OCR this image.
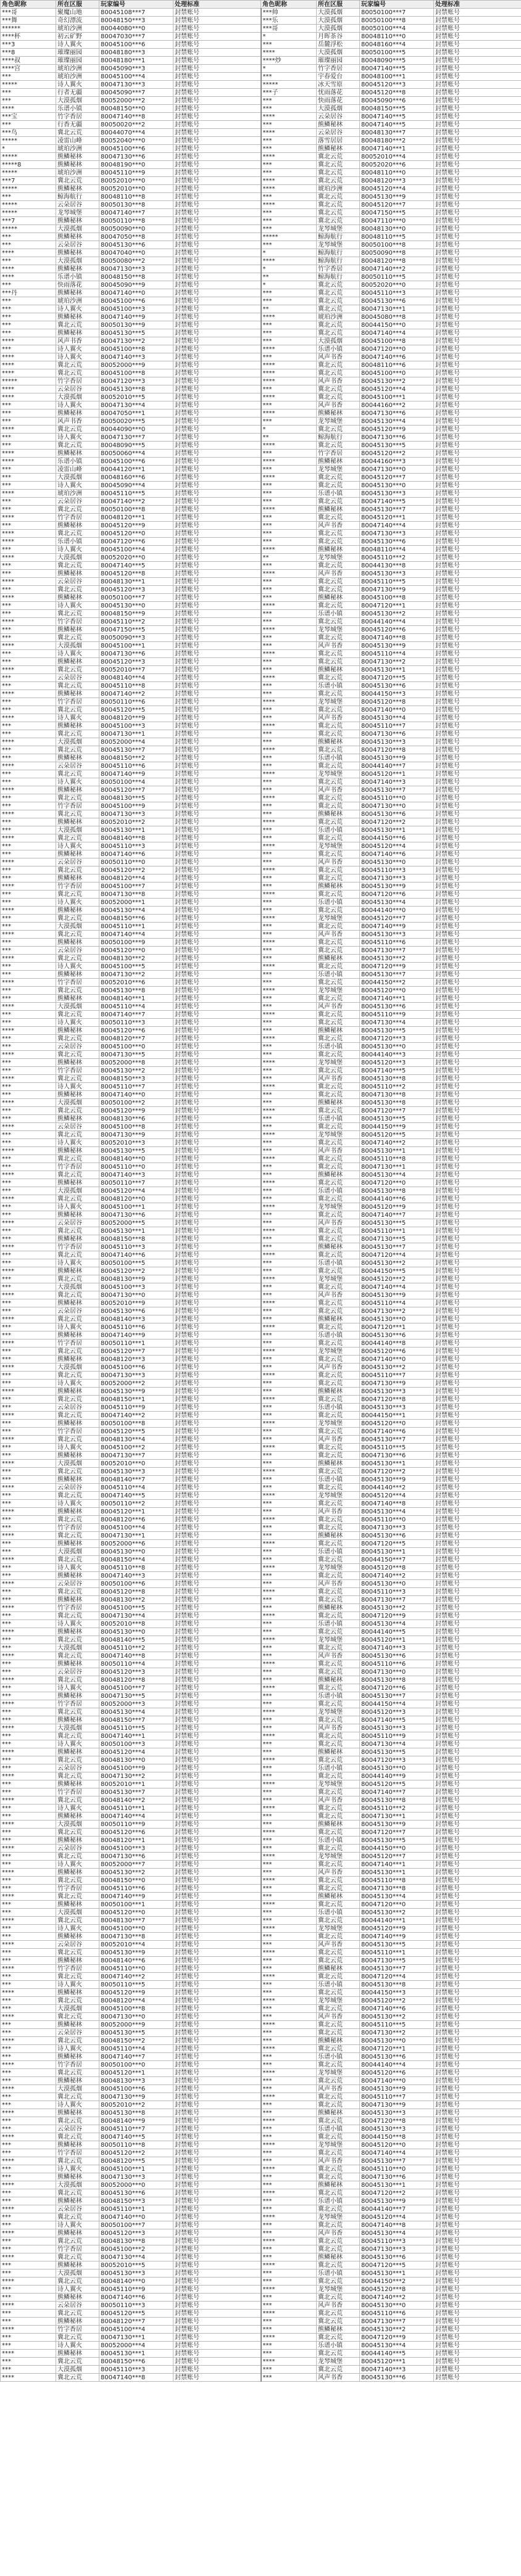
角色昵称	所在区服	玩家编号	处理标准	角色昵称	所在区服	玩家编号	处理标准
***哥	聚魔山地	80045108***7	封禁账号	***帅	大漠孤烟	80050100***7	封禁账号
***舞	奇幻漂流	80048150***3	封禁账号	***乐	大漠孤烟	80050100***8	封禁账号
******	琥珀沙洲	80044080***0	封禁账号	***哥	大漠孤烟	80050100***4	封禁账号
****杯	初云矿野	80047030***7	封禁账号	*	月晖茶谷	80048110***0	封禁账号
***3	诗人翼火	80045100***6	封禁账号	***	岳麓浮松	80048160***4	封禁账号
***8	璀璨丽园	80048180***3	封禁账号	****	大漠孤烟	80050100***5	封禁账号
****叔	璀璨丽园	80048180***1	封禁账号	****炒	璀璨丽园	80048090***5	封禁账号
****宫	琥珀沙洲	80045090***3	封禁账号	*	竹字香居	80047140***5	封禁账号
***	琥珀沙洲	80045100***4	封禁账号	***	宇春爱台	80048100***1	封禁账号
*****	诗人翼火	80047130***3	封禁账号	*****	冰天雪原	80045120***3	封禁账号
***	行者无疆	80045090***7	封禁账号	***子	忧雨落花	80045120***8	封禁账号
***	大漠孤烟	80052000***2	封禁账号	***	快雨落花	80045090***6	封禁账号
****	乐谱小镇	80048150***0	封禁账号	***	大漠孤烟	80048150***5	封禁账号
***宝	竹字香居	80047140***8	封禁账号	****	云朵居谷	80047140***5	封禁账号
***	行香无疆	80050020***2	封禁账号	***	熊鳞秘林	80047140***5	封禁账号
***鸟	冀北云荒	80044070***4	封禁账号	****	云朵居谷	80048130***7	封禁账号
*****	凌雷山峰	80052040***0	封禁账号	***	落雪居居	80048180***2	封禁账号
*	琥珀沙洲	80045100***6	封禁账号	***	熊鳞秘林	80047140***1	封禁账号
*****	熊鳞秘林	80047130***6	封禁账号	****	冀北云荒	80052010***4	封禁账号
*****8	熊鳞秘林	80048190***0	封禁账号	***	冀北云荒	80052020***6	封禁账号
*****	琥珀沙洲	80045110***9	封禁账号	***	冀北云荒	80048110***0	封禁账号
***7	冀北云荒	80052010***0	封禁账号	****	冀北云荒	80048120***3	封禁账号
*****	熊鳞秘林	80052010***0	封禁账号	****	琥珀沙洲	80045120***4	封禁账号
***	鲸海航行	80048110***8	封禁账号	***	冀北云荒	80045130***9	封禁账号
*****	云朵居谷	80050130***8	封禁账号	****	冀北云荒	80045120***7	封禁账号
*****	龙琴城堡	80047140***7	封禁账号	***	冀北云荒	80047150***5	封禁账号
***7	熊鳞秘林	80050110***8	封禁账号	***	冀北云荒	80047110***0	封禁账号
*****	大漠孤烟	80050090***0	封禁账号	***	龙琴城堡	80048130***0	封禁账号
***	熊鳞秘林	80047050***8	封禁账号	*****	鲸海航行	80048110***5	封禁账号
***	云朵居谷	80045130***6	封禁账号	***	龙琴城堡	80050100***8	封禁账号
****	熊鳞秘林	80047040***0	封禁账号	*	鲸海航行	80050090***8	封禁账号
***	大漠孤烟	80050080***2	封禁账号	****	鲸海航行	80048120***8	封禁账号
****	熊鳞秘林	80047130***3	封禁账号	*	竹字香居	80047140***2	封禁账号
****	乐谱小镇	80048150***8	封禁账号	**	鲸海航行	80050110***5	封禁账号
***	快雨落花	80045090***9	封禁账号	*	冀北云荒	80052020***0	封禁账号
***丹	熊鳞秘林	80047140***0	封禁账号	***	冀北云荒	80045110***3	封禁账号
***	琥珀沙洲	80045100***6	封禁账号	***	冀北云荒	80045130***6	封禁账号
***	诗人翼火	80045100***3	封禁账号	**	冀北云荒	80047130***1	封禁账号
***	熊鳞秘林	80047140***9	封禁账号	****	琥珀沙洲	80045080***8	封禁账号
***	冀北云荒	80050130***9	封禁账号	***	冀北云荒	80044150***0	封禁账号
***	熊鳞秘林	80045130***5	封禁账号	***	冀北云荒	80047140***4	封禁账号
****	风声书香	80047130***2	封禁账号	***	大漠孤烟	80045100***8	封禁账号
***	诗人翼火	80045100***8	封禁账号	****	乐谱小镇	80047120***0	封禁账号
****	诗人翼火	80047140***3	封禁账号	***	风声书香	80047140***6	封禁账号
****	冀北云荒	80052000***9	封禁账号	****	冀北云荒	80048110***6	封禁账号
****	冀北云荒	80045100***8	封禁账号	****	冀北云荒	80045100***0	封禁账号
*****	竹字香居	80047120***3	封禁账号	****	风声书香	80045130***2	封禁账号
****	云朵居谷	80045130***8	封禁账号	***	冀北云荒	80045120***4	封禁账号
****	大漠孤烟	80052010***5	封禁账号	****	冀北云荒	80045100***1	封禁账号
***	诗人翼火	80047130***4	封禁账号	***	风声书香	80044160***2	封禁账号
***	熊鳞秘林	80047050***1	封禁账号	****	熊鳞秘林	80047130***6	封禁账号
***	风声书香	80050020***5	封禁账号	***	龙琴城堡	80045130***4	封禁账号
****	冀北云荒	80044090***0	封禁账号	*	冀北云荒	80045120***9	封禁账号
***	诗人翼火	80047130***7	封禁账号	**	鲸海航行	80047130***6	封禁账号
***	冀北云荒	80048090***5	封禁账号	****	冀北云荒	80045130***5	封禁账号
****	熊鳞秘林	80050060***4	封禁账号	***	竹字香居	80045120***2	封禁账号
****	乐谱小镇	80045100***6	封禁账号	****	熊鳞秘林	80044160***3	封禁账号
***	凌雷山峰	80044120***1	封禁账号	***	龙琴城堡	80047130***0	封禁账号
***	大漠孤烟	80048160***6	封禁账号	****	冀北云荒	80045120***7	封禁账号
***	诗人翼火	80045090***4	封禁账号	***	冀北云荒	80045130***0	封禁账号
****	琥珀沙洲	80045110***5	封禁账号	***	乐谱小镇	80045130***3	封禁账号
***	云朵居谷	80047140***2	封禁账号	***	冀北云荒	80047140***5	封禁账号
***	冀北云荒	80050100***8	封禁账号	****	熊鳞秘林	80045130***7	封禁账号
****	竹字香居	80048120***1	封禁账号	***	冀北云荒	80045120***1	封禁账号
***	熊鳞秘林	80045120***9	封禁账号	***	风声书香	80047140***4	封禁账号
****	冀北云荒	80045120***0	封禁账号	***	冀北云荒	80047130***3	封禁账号
****	乐谱小镇	80047120***6	封禁账号	***	冀北云荒	80045130***6	封禁账号
***	诗人翼火	80045100***4	封禁账号	****	熊鳞秘林	80048110***4	封禁账号
****	大漠孤烟	80052020***0	封禁账号	**	龙琴城堡	80045110***2	封禁账号
***	冀北云荒	80047140***5	封禁账号	***	冀北云荒	80044130***8	封禁账号
***	熊鳞秘林	80045120***8	封禁账号	****	风声书香	80045130***3	封禁账号
****	云朵居谷	80048130***1	封禁账号	***	冀北云荒	80045110***5	封禁账号
***	冀北云荒	80045120***3	封禁账号	***	冀北云荒	80047130***9	封禁账号
****	熊鳞秘林	80050100***7	封禁账号	***	熊鳞秘林	80045100***8	封禁账号
***	诗人翼火	80045130***0	封禁账号	****	冀北云荒	80047120***1	封禁账号
***	冀北云荒	80048150***9	封禁账号	***	乐谱小镇	80045130***2	封禁账号
****	竹字香居	80045110***2	封禁账号	***	冀北云荒	80044140***4	封禁账号
***	熊鳞秘林	80047150***5	封禁账号	****	龙琴城堡	80045120***6	封禁账号
***	冀北云荒	80050090***3	封禁账号	***	冀北云荒	80047140***8	封禁账号
****	大漠孤烟	80045100***1	封禁账号	***	风声书香	80045130***9	封禁账号
***	诗人翼火	80047130***6	封禁账号	****	冀北云荒	80045110***4	封禁账号
***	熊鳞秘林	80045120***3	封禁账号	***	冀北云荒	80047130***2	封禁账号
****	冀北云荒	80052010***7	封禁账号	***	熊鳞秘林	80045130***1	封禁账号
***	云朵居谷	80048140***4	封禁账号	****	冀北云荒	80047120***5	封禁账号
***	冀北云荒	80045110***8	封禁账号	***	乐谱小镇	80045130***6	封禁账号
****	熊鳞秘林	80047140***2	封禁账号	***	冀北云荒	80044150***3	封禁账号
***	竹字香居	80050110***6	封禁账号	****	龙琴城堡	80045120***8	封禁账号
***	冀北云荒	80045120***5	封禁账号	***	冀北云荒	80047140***0	封禁账号
****	诗人翼火	80048120***9	封禁账号	***	风声书香	80045130***4	封禁账号
***	熊鳞秘林	80045100***3	封禁账号	****	冀北云荒	80045110***7	封禁账号
***	冀北云荒	80047130***1	封禁账号	***	冀北云荒	80047130***6	封禁账号
****	大漠孤烟	80052000***4	封禁账号	***	熊鳞秘林	80045130***3	封禁账号
***	冀北云荒	80045130***7	封禁账号	****	冀北云荒	80047120***8	封禁账号
***	熊鳞秘林	80048150***2	封禁账号	***	乐谱小镇	80045130***9	封禁账号
****	云朵居谷	80045110***6	封禁账号	***	冀北云荒	80044140***7	封禁账号
***	冀北云荒	80047140***9	封禁账号	****	龙琴城堡	80045120***1	封禁账号
***	诗人翼火	80050100***4	封禁账号	***	冀北云荒	80047140***3	封禁账号
****	熊鳞秘林	80045120***7	封禁账号	***	风声书香	80045130***7	封禁账号
***	冀北云荒	80048130***5	封禁账号	****	冀北云荒	80045110***0	封禁账号
***	竹字香居	80045100***9	封禁账号	***	冀北云荒	80047130***0	封禁账号
****	冀北云荒	80047130***3	封禁账号	***	熊鳞秘林	80045130***6	封禁账号
***	熊鳞秘林	80052010***2	封禁账号	****	冀北云荒	80047120***2	封禁账号
***	大漠孤烟	80045130***1	封禁账号	***	乐谱小镇	80045130***1	封禁账号
****	冀北云荒	80048140***8	封禁账号	***	冀北云荒	80044150***6	封禁账号
***	诗人翼火	80045110***3	封禁账号	****	龙琴城堡	80045120***4	封禁账号
***	熊鳞秘林	80047140***6	封禁账号	***	冀北云荒	80047140***6	封禁账号
****	云朵居谷	80050110***0	封禁账号	***	风声书香	80045130***0	封禁账号
***	冀北云荒	80045120***2	封禁账号	****	冀北云荒	80045110***3	封禁账号
***	熊鳞秘林	80048120***4	封禁账号	***	冀北云荒	80047130***3	封禁账号
****	竹字香居	80045100***7	封禁账号	***	熊鳞秘林	80045130***9	封禁账号
***	冀北云荒	80047130***8	封禁账号	****	冀北云荒	80047120***6	封禁账号
***	诗人翼火	80052000***1	封禁账号	***	乐谱小镇	80045130***4	封禁账号
****	熊鳞秘林	80045130***4	封禁账号	***	冀北云荒	80044140***0	封禁账号
***	冀北云荒	80048150***6	封禁账号	****	龙琴城堡	80045120***7	封禁账号
***	大漠孤烟	80045110***1	封禁账号	***	冀北云荒	80047140***9	封禁账号
****	冀北云荒	80047140***4	封禁账号	***	风声书香	80045130***3	封禁账号
***	熊鳞秘林	80050100***9	封禁账号	****	冀北云荒	80045110***6	封禁账号
***	云朵居谷	80045120***0	封禁账号	***	冀北云荒	80047130***7	封禁账号
****	冀北云荒	80048130***2	封禁账号	***	熊鳞秘林	80045130***2	封禁账号
***	诗人翼火	80045100***5	封禁账号	****	冀北云荒	80047120***9	封禁账号
***	熊鳞秘林	80047130***2	封禁账号	***	乐谱小镇	80045130***7	封禁账号
****	竹字香居	80052010***6	封禁账号	***	冀北云荒	80044150***2	封禁账号
***	冀北云荒	80045130***8	封禁账号	****	龙琴城堡	80045120***0	封禁账号
***	熊鳞秘林	80048140***1	封禁账号	***	冀北云荒	80047140***1	封禁账号
****	大漠孤烟	80045110***4	封禁账号	***	风声书香	80045130***6	封禁账号
***	冀北云荒	80047140***7	封禁账号	****	冀北云荒	80045110***9	封禁账号
***	诗人翼火	80050110***3	封禁账号	***	冀北云荒	80047130***4	封禁账号
****	熊鳞秘林	80045120***6	封禁账号	***	熊鳞秘林	80045130***5	封禁账号
***	冀北云荒	80048120***7	封禁账号	****	冀北云荒	80047120***3	封禁账号
***	云朵居谷	80045100***0	封禁账号	***	乐谱小镇	80045130***0	封禁账号
****	冀北云荒	80047130***5	封禁账号	***	冀北云荒	80044140***3	封禁账号
***	熊鳞秘林	80052000***8	封禁账号	****	龙琴城堡	80045120***3	封禁账号
***	竹字香居	80045130***2	封禁账号	***	冀北云荒	80047140***5	封禁账号
****	冀北云荒	80048150***3	封禁账号	***	风声书香	80045130***8	封禁账号
***	诗人翼火	80045110***7	封禁账号	****	冀北云荒	80045110***2	封禁账号
***	熊鳞秘林	80047140***0	封禁账号	***	冀北云荒	80047130***8	封禁账号
****	大漠孤烟	80050100***2	封禁账号	***	熊鳞秘林	80045130***8	封禁账号
***	冀北云荒	80045120***9	封禁账号	****	冀北云荒	80047120***7	封禁账号
***	熊鳞秘林	80048130***6	封禁账号	***	乐谱小镇	80045130***5	封禁账号
****	云朵居谷	80045100***8	封禁账号	***	冀北云荒	80044150***9	封禁账号
***	冀北云荒	80047130***9	封禁账号	****	龙琴城堡	80045120***5	封禁账号
***	诗人翼火	80052010***3	封禁账号	***	冀北云荒	80047140***2	封禁账号
****	熊鳞秘林	80045130***5	封禁账号	***	风声书香	80045130***1	封禁账号
***	冀北云荒	80048140***0	封禁账号	****	冀北云荒	80045110***8	封禁账号
***	竹字香居	80045110***0	封禁账号	***	冀北云荒	80047130***1	封禁账号
****	冀北云荒	80047140***3	封禁账号	***	熊鳞秘林	80045130***4	封禁账号
***	熊鳞秘林	80050110***7	封禁账号	****	冀北云荒	80047120***0	封禁账号
***	大漠孤烟	80045120***4	封禁账号	***	乐谱小镇	80045130***8	封禁账号
****	冀北云荒	80048120***0	封禁账号	***	冀北云荒	80044140***6	封禁账号
***	诗人翼火	80045100***1	封禁账号	****	龙琴城堡	80045120***9	封禁账号
***	熊鳞秘林	80047130***6	封禁账号	***	冀北云荒	80047140***7	封禁账号
****	云朵居谷	80052000***5	封禁账号	***	风声书香	80045130***5	封禁账号
***	冀北云荒	80045130***1	封禁账号	****	冀北云荒	80045110***1	封禁账号
***	熊鳞秘林	80048150***8	封禁账号	***	冀北云荒	80047130***5	封禁账号
****	竹字香居	80045110***3	封禁账号	***	熊鳞秘林	80045130***7	封禁账号
***	冀北云荒	80047140***6	封禁账号	****	冀北云荒	80047120***4	封禁账号
***	诗人翼火	80050100***5	封禁账号	***	乐谱小镇	80045130***2	封禁账号
****	熊鳞秘林	80045120***2	封禁账号	***	冀北云荒	80044150***5	封禁账号
***	冀北云荒	80048130***9	封禁账号	****	龙琴城堡	80045120***2	封禁账号
***	大漠孤烟	80045100***3	封禁账号	***	冀北云荒	80047140***4	封禁账号
****	冀北云荒	80047130***0	封禁账号	***	风声书香	80045130***9	封禁账号
***	熊鳞秘林	80052010***9	封禁账号	****	冀北云荒	80045110***4	封禁账号
***	云朵居谷	80045130***6	封禁账号	***	冀北云荒	80047130***2	封禁账号
****	冀北云荒	80048140***3	封禁账号	***	熊鳞秘林	80045130***0	封禁账号
***	诗人翼火	80045110***6	封禁账号	****	冀北云荒	80047120***1	封禁账号
***	熊鳞秘林	80047140***9	封禁账号	***	乐谱小镇	80045130***6	封禁账号
****	竹字香居	80050110***1	封禁账号	***	冀北云荒	80044140***8	封禁账号
***	冀北云荒	80045120***7	封禁账号	****	龙琴城堡	80045120***6	封禁账号
***	熊鳞秘林	80048120***3	封禁账号	***	冀北云荒	80047140***0	封禁账号
****	大漠孤烟	80045100***6	封禁账号	***	风声书香	80045130***2	封禁账号
***	冀北云荒	80047130***3	封禁账号	****	冀北云荒	80045110***7	封禁账号
***	诗人翼火	80052000***2	封禁账号	***	冀北云荒	80047130***9	封禁账号
****	熊鳞秘林	80045130***9	封禁账号	***	熊鳞秘林	80045130***3	封禁账号
***	冀北云荒	80048150***1	封禁账号	****	冀北云荒	80047120***8	封禁账号
***	云朵居谷	80045110***9	封禁账号	***	乐谱小镇	80045130***3	封禁账号
****	冀北云荒	80047140***2	封禁账号	***	冀北云荒	80044150***1	封禁账号
***	熊鳞秘林	80050100***8	封禁账号	****	龙琴城堡	80045120***0	封禁账号
***	竹字香居	80045120***5	封禁账号	***	冀北云荒	80047140***6	封禁账号
****	冀北云荒	80048130***4	封禁账号	***	风声书香	80045130***7	封禁账号
***	诗人翼火	80045100***2	封禁账号	****	冀北云荒	80045110***5	封禁账号
***	熊鳞秘林	80047130***7	封禁账号	***	冀北云荒	80047130***6	封禁账号
****	大漠孤烟	80052010***0	封禁账号	***	熊鳞秘林	80045130***1	封禁账号
***	冀北云荒	80045130***3	封禁账号	****	冀北云荒	80047120***2	封禁账号
***	熊鳞秘林	80048140***7	封禁账号	***	乐谱小镇	80045130***9	封禁账号
****	云朵居谷	80045110***4	封禁账号	***	冀北云荒	80044140***2	封禁账号
***	冀北云荒	80047140***5	封禁账号	****	龙琴城堡	80045120***4	封禁账号
***	诗人翼火	80050110***2	封禁账号	***	冀北云荒	80047140***8	封禁账号
****	熊鳞秘林	80045120***1	封禁账号	***	风声书香	80045130***4	封禁账号
***	冀北云荒	80048120***6	封禁账号	****	冀北云荒	80045110***0	封禁账号
***	竹字香居	80045100***4	封禁账号	***	冀北云荒	80047130***3	封禁账号
****	冀北云荒	80047130***1	封禁账号	***	熊鳞秘林	80045130***6	封禁账号
***	熊鳞秘林	80052000***6	封禁账号	****	冀北云荒	80047120***5	封禁账号
***	大漠孤烟	80045130***0	封禁账号	***	乐谱小镇	80045130***1	封禁账号
****	冀北云荒	80048150***4	封禁账号	***	冀北云荒	80044150***7	封禁账号
***	诗人翼火	80045110***8	封禁账号	****	龙琴城堡	80045120***8	封禁账号
***	熊鳞秘林	80047140***3	封禁账号	***	冀北云荒	80047140***2	封禁账号
****	云朵居谷	80050100***6	封禁账号	***	风声书香	80045130***0	封禁账号
***	冀北云荒	80045120***8	封禁账号	****	冀北云荒	80045110***3	封禁账号
***	熊鳞秘林	80048130***2	封禁账号	***	冀北云荒	80047130***7	封禁账号
****	竹字香居	80045100***5	封禁账号	***	熊鳞秘林	80045130***2	封禁账号
***	冀北云荒	80047130***4	封禁账号	****	冀北云荒	80047120***9	封禁账号
***	诗人翼火	80052010***8	封禁账号	***	乐谱小镇	80045130***4	封禁账号
****	熊鳞秘林	80045130***0	封禁账号	***	冀北云荒	80044140***5	封禁账号
***	冀北云荒	80048140***5	封禁账号	****	龙琴城堡	80045120***1	封禁账号
***	大漠孤烟	80045110***2	封禁账号	***	冀北云荒	80047140***3	封禁账号
****	冀北云荒	80047140***8	封禁账号	***	风声书香	80045130***6	封禁账号
***	熊鳞秘林	80050110***4	封禁账号	****	冀北云荒	80045110***6	封禁账号
***	云朵居谷	80045120***3	封禁账号	***	冀北云荒	80047130***0	封禁账号
****	冀北云荒	80048120***8	封禁账号	***	熊鳞秘林	80045130***8	封禁账号
***	诗人翼火	80045100***7	封禁账号	****	冀北云荒	80047120***6	封禁账号
***	熊鳞秘林	80047130***5	封禁账号	***	乐谱小镇	80045130***7	封禁账号
****	竹字香居	80052000***3	封禁账号	***	冀北云荒	80044150***4	封禁账号
***	冀北云荒	80045130***4	封禁账号	****	龙琴城堡	80045120***3	封禁账号
***	熊鳞秘林	80048150***7	封禁账号	***	冀北云荒	80047140***5	封禁账号
****	大漠孤烟	80045110***5	封禁账号	***	风声书香	80045130***3	封禁账号
***	冀北云荒	80047140***1	封禁账号	****	冀北云荒	80045110***9	封禁账号
***	诗人翼火	80050100***3	封禁账号	***	冀北云荒	80047130***4	封禁账号
****	熊鳞秘林	80045120***4	封禁账号	***	熊鳞秘林	80045130***5	封禁账号
***	冀北云荒	80048130***0	封禁账号	****	冀北云荒	80047120***3	封禁账号
***	云朵居谷	80045100***9	封禁账号	***	乐谱小镇	80045130***0	封禁账号
****	冀北云荒	80047130***2	封禁账号	***	冀北云荒	80044140***9	封禁账号
***	熊鳞秘林	80052010***1	封禁账号	****	龙琴城堡	80045120***5	封禁账号
***	竹字香居	80045130***7	封禁账号	***	冀北云荒	80047140***7	封禁账号
****	冀北云荒	80048140***2	封禁账号	***	风声书香	80045130***8	封禁账号
***	诗人翼火	80045110***1	封禁账号	****	冀北云荒	80045110***2	封禁账号
***	熊鳞秘林	80047140***4	封禁账号	***	冀北云荒	80047130***1	封禁账号
****	大漠孤烟	80050110***9	封禁账号	***	熊鳞秘林	80045130***9	封禁账号
***	冀北云荒	80045120***6	封禁账号	****	冀北云荒	80047120***7	封禁账号
***	熊鳞秘林	80048120***1	封禁账号	***	乐谱小镇	80045130***5	封禁账号
****	云朵居谷	80045100***3	封禁账号	***	冀北云荒	80044150***0	封禁账号
***	冀北云荒	80047130***6	封禁账号	****	龙琴城堡	80045120***7	封禁账号
***	诗人翼火	80052000***7	封禁账号	***	冀北云荒	80047140***1	封禁账号
****	熊鳞秘林	80045130***2	封禁账号	***	风声书香	80045130***1	封禁账号
***	冀北云荒	80048150***0	封禁账号	****	冀北云荒	80045110***8	封禁账号
***	竹字香居	80045110***6	封禁账号	***	冀北云荒	80047130***8	封禁账号
****	冀北云荒	80047140***9	封禁账号	***	熊鳞秘林	80045130***4	封禁账号
***	熊鳞秘林	80050100***1	封禁账号	****	冀北云荒	80047120***0	封禁账号
***	大漠孤烟	80045120***0	封禁账号	***	乐谱小镇	80045130***2	封禁账号
****	冀北云荒	80048130***7	封禁账号	***	冀北云荒	80044140***1	封禁账号
***	诗人翼火	80045100***0	封禁账号	****	龙琴城堡	80045120***9	封禁账号
***	熊鳞秘林	80047130***8	封禁账号	***	冀北云荒	80047140***9	封禁账号
****	云朵居谷	80052010***4	封禁账号	***	风声书香	80045130***5	封禁账号
***	冀北云荒	80045130***9	封禁账号	****	冀北云荒	80045110***1	封禁账号
***	熊鳞秘林	80048140***6	封禁账号	***	冀北云荒	80047130***5	封禁账号
****	竹字香居	80045110***0	封禁账号	***	熊鳞秘林	80045130***7	封禁账号
***	冀北云荒	80047140***2	封禁账号	****	冀北云荒	80047120***4	封禁账号
***	诗人翼火	80050110***5	封禁账号	***	乐谱小镇	80045130***8	封禁账号
****	熊鳞秘林	80045120***9	封禁账号	***	冀北云荒	80044150***3	封禁账号
***	冀北云荒	80048120***4	封禁账号	****	龙琴城堡	80045120***2	封禁账号
***	大漠孤烟	80045100***8	封禁账号	***	冀北云荒	80047140***6	封禁账号
****	冀北云荒	80047130***0	封禁账号	***	风声书香	80045130***2	封禁账号
***	熊鳞秘林	80052000***9	封禁账号	****	冀北云荒	80045110***5	封禁账号
***	云朵居谷	80045130***5	封禁账号	***	冀北云荒	80047130***2	封禁账号
****	冀北云荒	80048150***2	封禁账号	***	熊鳞秘林	80045130***0	封禁账号
***	诗人翼火	80045110***4	封禁账号	****	冀北云荒	80047120***1	封禁账号
***	熊鳞秘林	80047140***7	封禁账号	***	乐谱小镇	80045130***6	封禁账号
****	竹字香居	80050100***0	封禁账号	***	冀北云荒	80044140***4	封禁账号
***	冀北云荒	80045120***1	封禁账号	****	龙琴城堡	80045120***6	封禁账号
***	熊鳞秘林	80048130***3	封禁账号	***	冀北云荒	80047140***0	封禁账号
****	大漠孤烟	80045100***6	封禁账号	***	风声书香	80045130***9	封禁账号
***	冀北云荒	80047130***9	封禁账号	****	冀北云荒	80045110***7	封禁账号
***	诗人翼火	80052010***2	封禁账号	***	冀北云荒	80047130***9	封禁账号
****	熊鳞秘林	80045130***8	封禁账号	***	熊鳞秘林	80045130***3	封禁账号
***	冀北云荒	80048140***9	封禁账号	****	冀北云荒	80047120***8	封禁账号
***	云朵居谷	80045110***7	封禁账号	***	乐谱小镇	80045130***3	封禁账号
****	冀北云荒	80047140***5	封禁账号	***	冀北云荒	80044150***8	封禁账号
***	熊鳞秘林	80050110***8	封禁账号	****	龙琴城堡	80045120***0	封禁账号
***	竹字香居	80045120***2	封禁账号	***	冀北云荒	80047140***4	封禁账号
****	冀北云荒	80048120***5	封禁账号	***	风声书香	80045130***7	封禁账号
***	诗人翼火	80045100***1	封禁账号	****	冀北云荒	80045110***0	封禁账号
***	熊鳞秘林	80047130***3	封禁账号	***	冀北云荒	80047130***6	封禁账号
****	大漠孤烟	80052000***0	封禁账号	***	熊鳞秘林	80045130***1	封禁账号
***	冀北云荒	80045130***6	封禁账号	****	冀北云荒	80047120***2	封禁账号
***	熊鳞秘林	80048150***3	封禁账号	***	乐谱小镇	80045130***9	封禁账号
****	云朵居谷	80045110***1	封禁账号	***	冀北云荒	80044140***7	封禁账号
***	冀北云荒	80047140***0	封禁账号	****	龙琴城堡	80045120***4	封禁账号
***	诗人翼火	80050100***7	封禁账号	***	冀北云荒	80047140***8	封禁账号
****	熊鳞秘林	80045120***3	封禁账号	***	风声书香	80045130***4	封禁账号
***	冀北云荒	80048130***8	封禁账号	****	冀北云荒	80045110***3	封禁账号
***	竹字香居	80045100***2	封禁账号	***	冀北云荒	80047130***3	封禁账号
****	冀北云荒	80047130***4	封禁账号	***	熊鳞秘林	80045130***6	封禁账号
***	熊鳞秘林	80052010***5	封禁账号	****	冀北云荒	80047120***5	封禁账号
***	大漠孤烟	80045130***3	封禁账号	***	乐谱小镇	80045130***1	封禁账号
****	冀北云荒	80048140***0	封禁账号	***	冀北云荒	80044150***2	封禁账号
***	诗人翼火	80045110***9	封禁账号	****	龙琴城堡	80045120***8	封禁账号
***	熊鳞秘林	80047140***6	封禁账号	***	冀北云荒	80047140***2	封禁账号
****	云朵居谷	80050110***3	封禁账号	***	风声书香	80045130***0	封禁账号
***	冀北云荒	80045120***5	封禁账号	****	冀北云荒	80045110***6	封禁账号
***	熊鳞秘林	80048120***7	封禁账号	***	冀北云荒	80047130***7	封禁账号
****	竹字香居	80045100***4	封禁账号	***	熊鳞秘林	80045130***2	封禁账号
***	冀北云荒	80047130***1	封禁账号	****	冀北云荒	80047120***9	封禁账号
***	诗人翼火	80052000***4	封禁账号	***	乐谱小镇	80045130***4	封禁账号
****	熊鳞秘林	80045130***1	封禁账号	***	冀北云荒	80044140***5	封禁账号
***	冀北云荒	80048150***6	封禁账号	****	龙琴城堡	80045120***1	封禁账号
***	大漠孤烟	80045110***3	封禁账号	***	冀北云荒	80047140***3	封禁账号
****	冀北云荒	80047140***8	封禁账号	***	风声书香	80045130***6	封禁账号
